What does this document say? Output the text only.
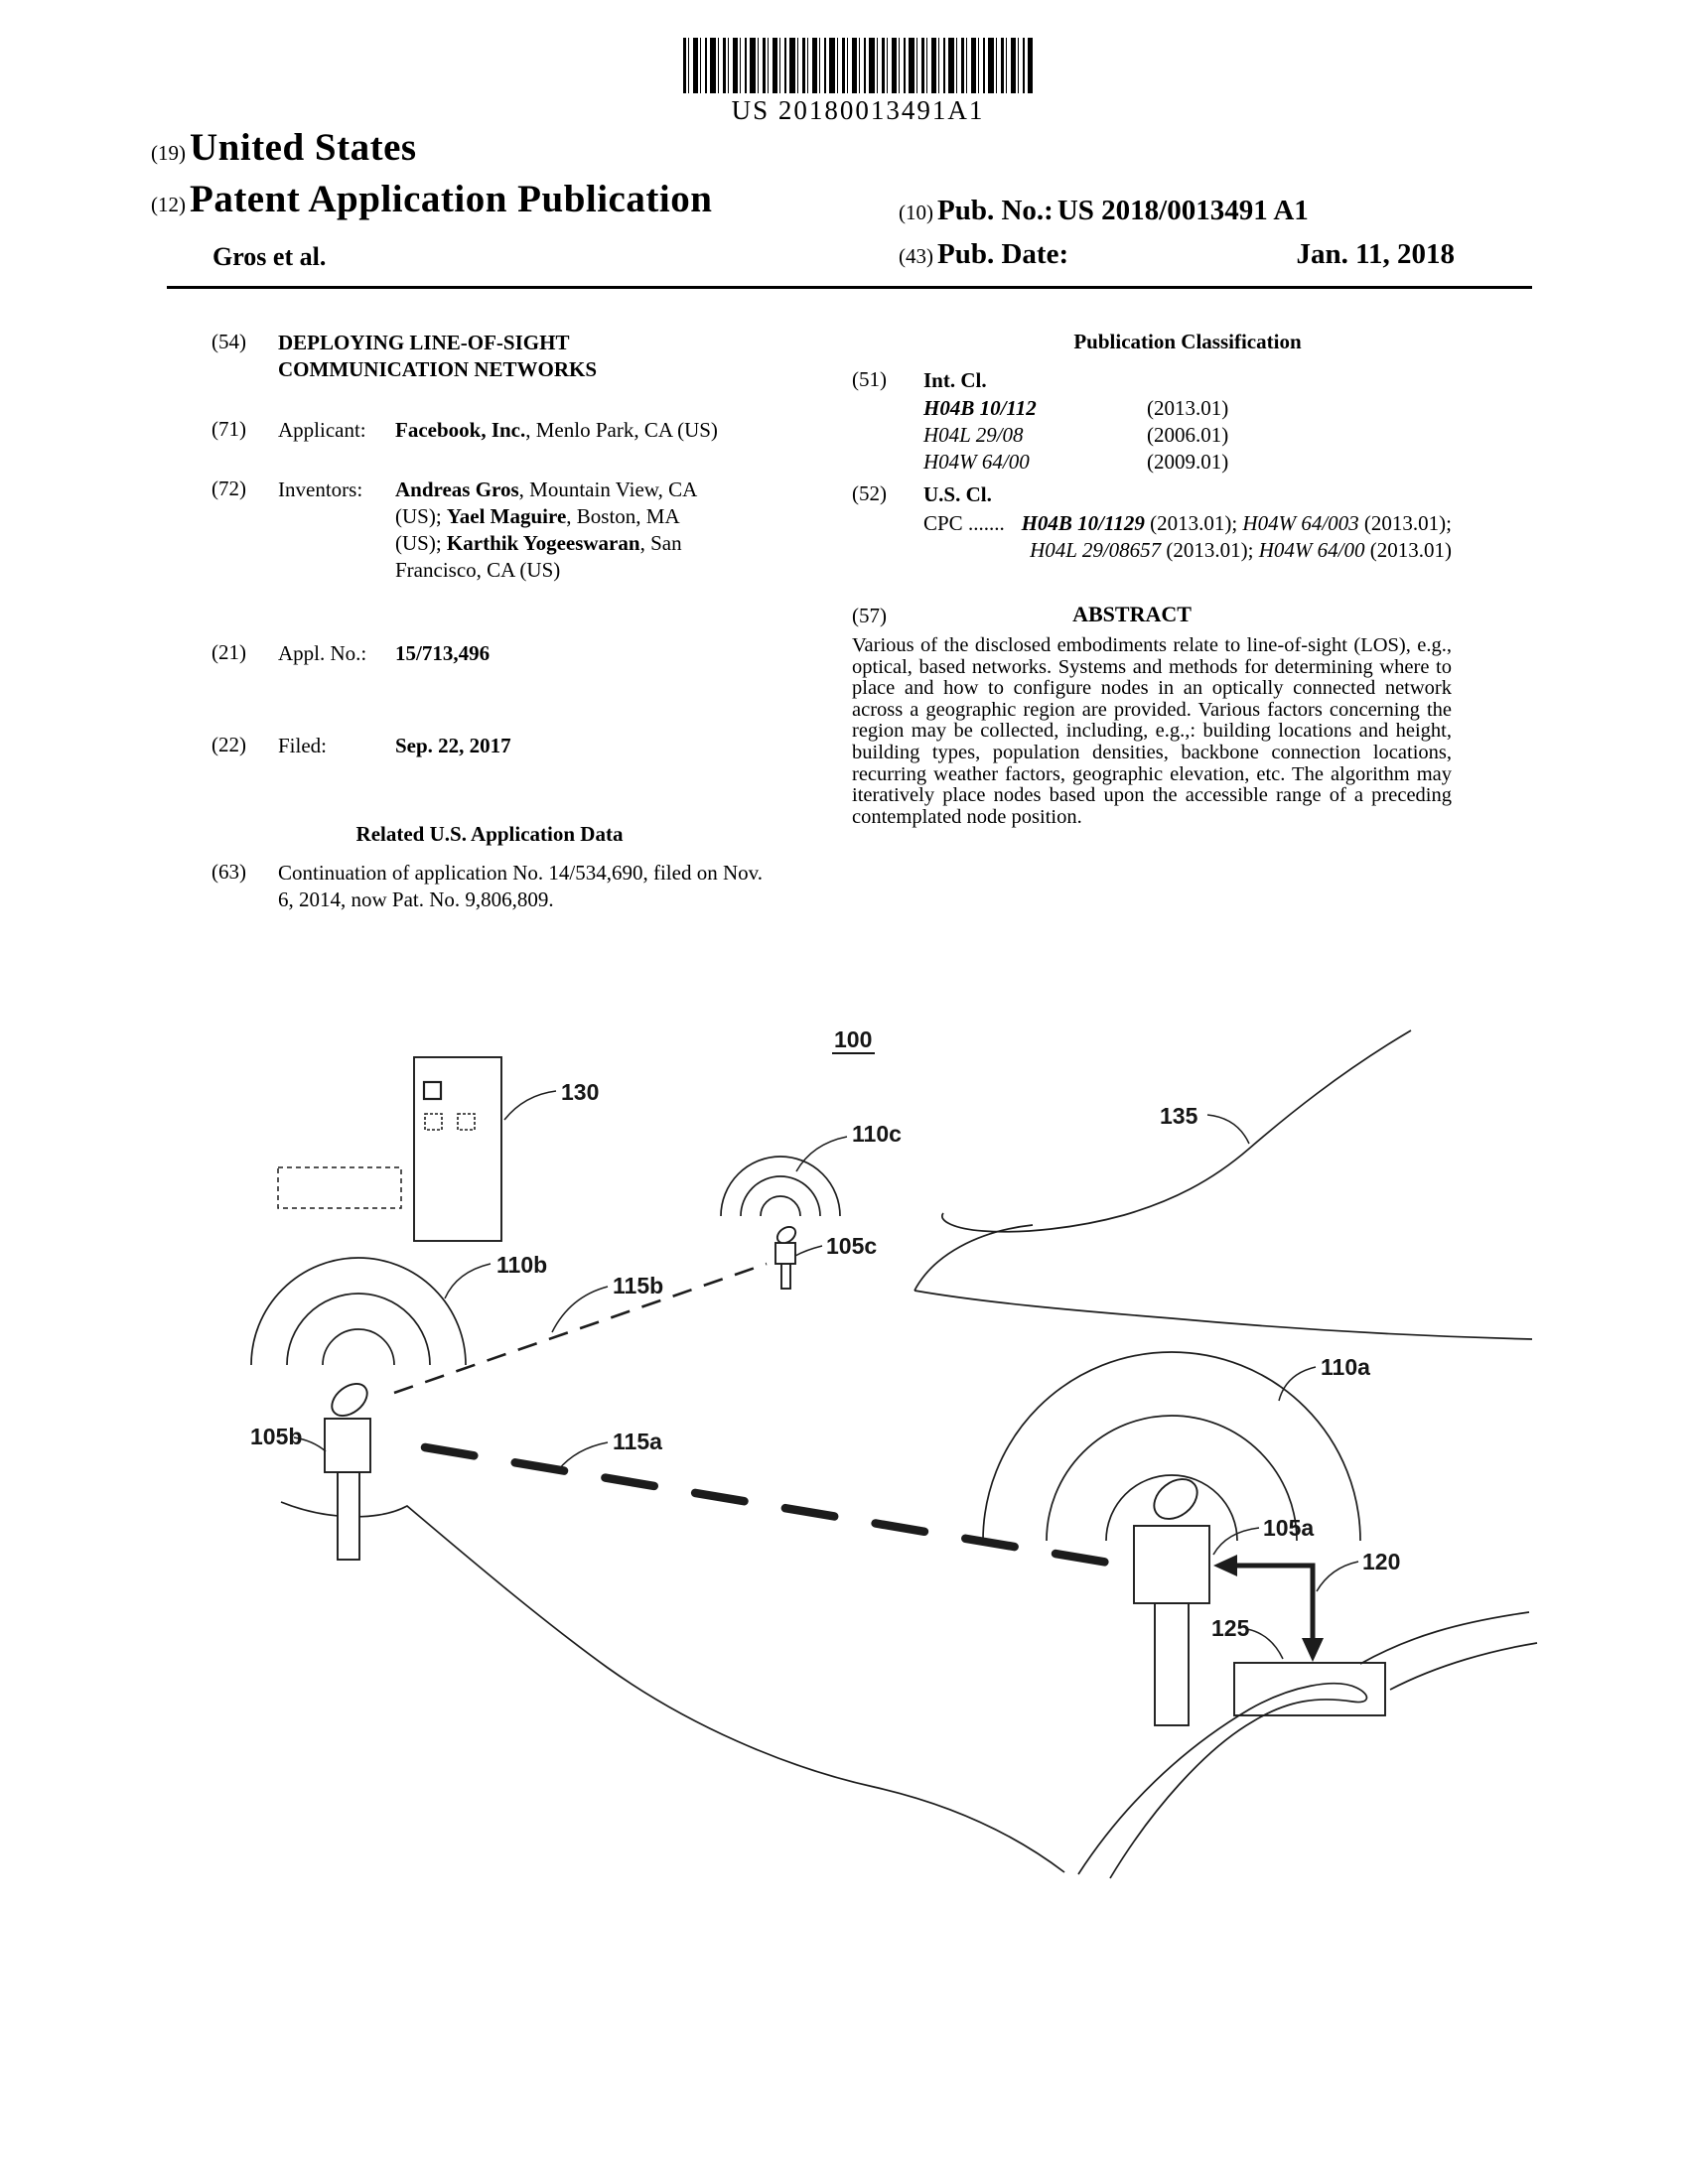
US 20180013491A1
(19) United States
(12) Patent Application Publication
Gros et al.
(10) Pub. No.: US 2018/0013491 A1
(43) Pub. Date:	Jan. 11, 2018
(54)	DEPLOYING LINE-OF-SIGHT COMMUNICATION NETWORKS
(71)	Applicant: Facebook, Inc., Menlo Park, CA (US)
(72)	Inventors:	Andreas Gros, Mountain View, CA (US); Yael Maguire, Boston, MA (US); Karthik Yogeeswaran, San Francisco, CA (US)
(21)	Appl. No.: 15/713,496
(22)	Filed:	Sep. 22, 2017
Related U.S. Application Data
(63)	Continuation of application No. 14/534,690, filed on Nov. 6, 2014, now Pat. No. 9,806,809.
Publication Classification
(51)	Int. Cl.
H04B 10/112	(2013.01)
H04L 29/08	(2006.01)
H04W 64/00	(2009.01)
(52)	U.S. Cl.
CPC ....... H04B 10/1129 (2013.01); H04W 64/003 (2013.01); H04L 29/08657 (2013.01); H04W 64/00 (2013.01)
(57)	ABSTRACT
Various of the disclosed embodiments relate to line-of-sight (LOS), e.g., optical, based networks. Systems and methods for determining where to place and how to configure nodes in an optically connected network across a geographic region are provided. Various factors concerning the region may be collected, including, e.g.,: building locations and height, building types, population densities, backbone connection locations, recurring weather factors, geographic elevation, etc. The algorithm may iteratively place nodes based upon the accessible range of a preceding contemplated node position.
100
130
110c
105c
115b
110b
105b	115a
135
110a
105a
120
125
